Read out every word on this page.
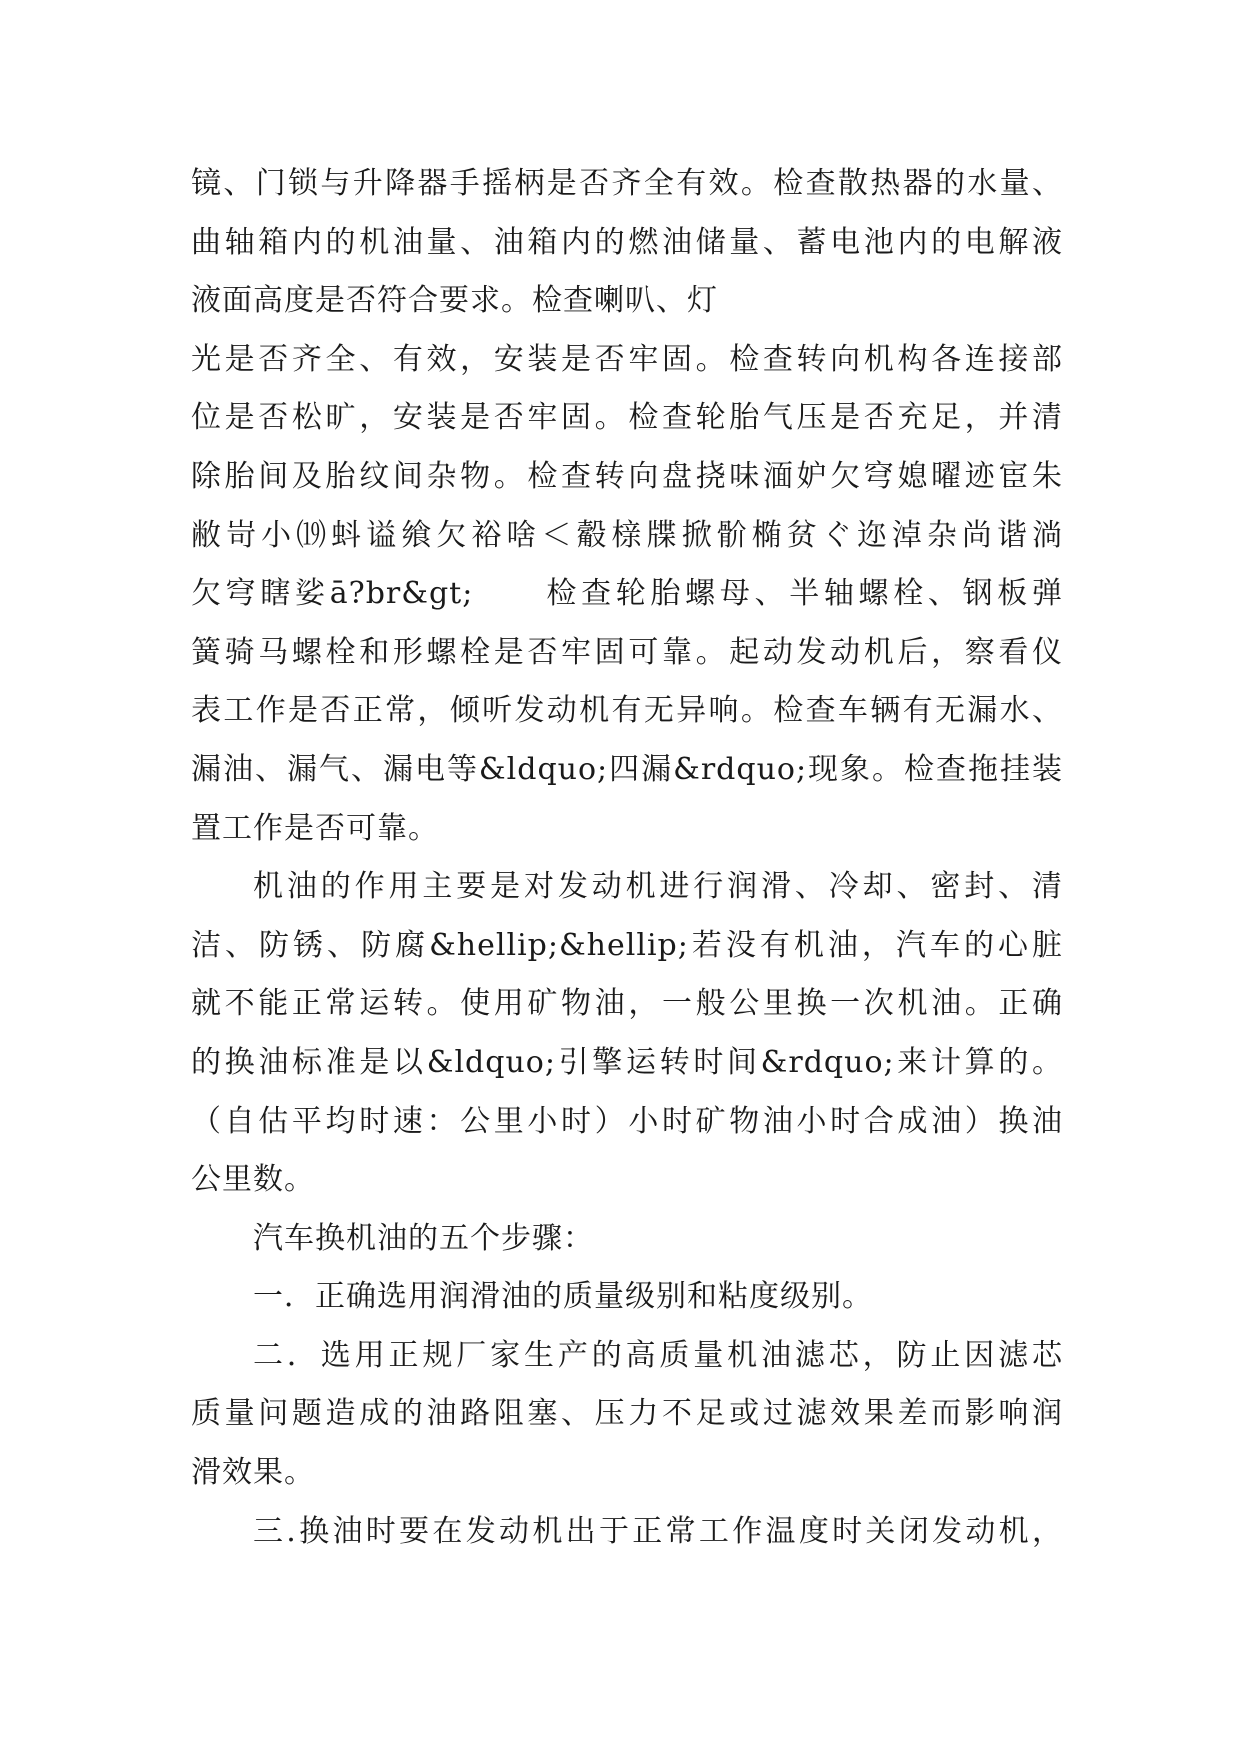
镜、门锁与升降器手摇柄是否齐全有效。检查散热器的水量、
曲轴箱内的机油量、油箱内的燃油储量、蓄电池内的电解液
液面高度是否符合要求。检查喇叭、灯
光是否齐全、有效，安装是否牢固。检查转向机构各连接部
位是否松旷，安装是否牢固。检查轮胎气压是否充足，并清
除胎间及胎纹间杂物。检查转向盘挠味湎妒欠穹媳曜迹宦朱
敝岢小⒆蚪谥飨欠裕啥＜觳榇牒掀骱椭贫ぐ迩淖杂尚谐淌
欠穹瞎娑ā?br&gt;　　检查轮胎螺母、半轴螺栓、钢板弹
簧骑马螺栓和形螺栓是否牢固可靠。起动发动机后，察看仪
表工作是否正常，倾听发动机有无异响。检查车辆有无漏水、
漏油、漏气、漏电等&ldquo;四漏&rdquo;现象。检查拖挂装
置工作是否可靠。
机油的作用主要是对发动机进行润滑、冷却、密封、清
洁、防锈、防腐&hellip;&hellip;若没有机油，汽车的心脏
就不能正常运转。使用矿物油，一般公里换一次机油。正确
的换油标准是以&ldquo;引擎运转时间&rdquo;来计算的。
（自估平均时速：公里小时）小时矿物油小时合成油）换油
公里数。
汽车换机油的五个步骤：
一．正确选用润滑油的质量级别和粘度级别。
二．选用正规厂家生产的高质量机油滤芯，防止因滤芯
质量问题造成的油路阻塞、压力不足或过滤效果差而影响润
滑效果。
三.换油时要在发动机出于正常工作温度时关闭发动机，
